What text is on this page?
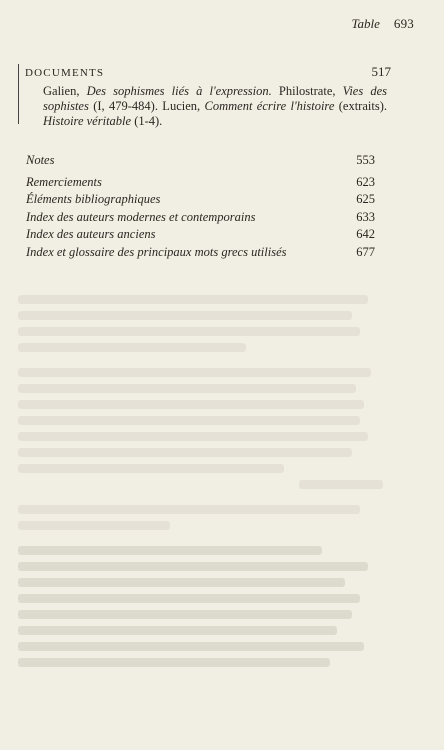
Table 693
DOCUMENTS	517
Galien, Des sophismes liés à l'expression. Philostrate, Vies des sophistes (I, 479-484). Lucien, Comment écrire l'histoire (extraits). Histoire véritable (1-4).
Notes	553
Remerciements	623
Éléments bibliographiques	625
Index des auteurs modernes et contemporains	633
Index des auteurs anciens	642
Index et glossaire des principaux mots grecs utilisés	677
